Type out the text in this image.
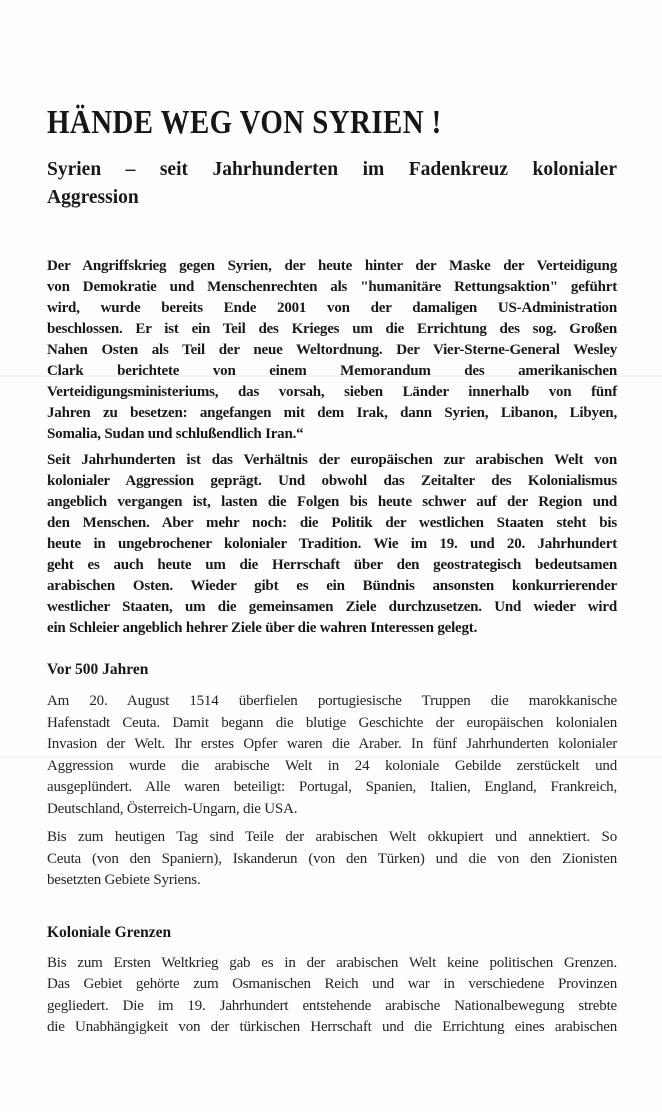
HÄNDE WEG VON SYRIEN !
Syrien – seit Jahrhunderten im Fadenkreuz kolonialer
Aggression
Der Angriffskrieg gegen Syrien, der heute hinter der Maske der Verteidigung
von Demokratie und Menschenrechten als "humanitäre Rettungsaktion" geführt
wird, wurde bereits Ende 2001 von der damaligen US-Administration
beschlossen. Er ist ein Teil des Krieges um die Errichtung des sog. Großen
Nahen Osten als Teil der neue Weltordnung. Der Vier-Sterne-General Wesley
Clark berichtete von einem Memorandum des amerikanischen
Verteidigungsministeriums, das vorsah, sieben Länder innerhalb von fünf
Jahren zu besetzen: angefangen mit dem Irak, dann Syrien, Libanon, Libyen,
Somalia, Sudan und schlußendlich Iran.“
Seit Jahrhunderten ist das Verhältnis der europäischen zur arabischen Welt von
kolonialer Aggression geprägt. Und obwohl das Zeitalter des Kolonialismus
angeblich vergangen ist, lasten die Folgen bis heute schwer auf der Region und
den Menschen. Aber mehr noch: die Politik der westlichen Staaten steht bis
heute in ungebrochener kolonialer Tradition. Wie im 19. und 20. Jahrhundert
geht es auch heute um die Herrschaft über den geostrategisch bedeutsamen
arabischen Osten. Wieder gibt es ein Bündnis ansonsten konkurrierender
westlicher Staaten, um die gemeinsamen Ziele durchzusetzen. Und wieder wird
ein Schleier angeblich hehrer Ziele über die wahren Interessen gelegt.
Vor 500 Jahren
Am 20. August 1514 überfielen portugiesische Truppen die marokkanische
Hafenstadt Ceuta. Damit begann die blutige Geschichte der europäischen kolonialen
Invasion der Welt. Ihr erstes Opfer waren die Araber. In fünf Jahrhunderten kolonialer
Aggression wurde die arabische Welt in 24 koloniale Gebilde zerstückelt und
ausgeplündert. Alle waren beteiligt: Portugal, Spanien, Italien, England, Frankreich,
Deutschland, Österreich-Ungarn, die USA.
Bis zum heutigen Tag sind Teile der arabischen Welt okkupiert und annektiert. So
Ceuta (von den Spaniern), Iskanderun (von den Türken) und die von den Zionisten
besetzten Gebiete Syriens.
Koloniale Grenzen
Bis zum Ersten Weltkrieg gab es in der arabischen Welt keine politischen Grenzen.
Das Gebiet gehörte zum Osmanischen Reich und war in verschiedene Provinzen
gegliedert. Die im 19. Jahrhundert entstehende arabische Nationalbewegung strebte
die Unabhängigkeit von der türkischen Herrschaft und die Errichtung eines arabischen
